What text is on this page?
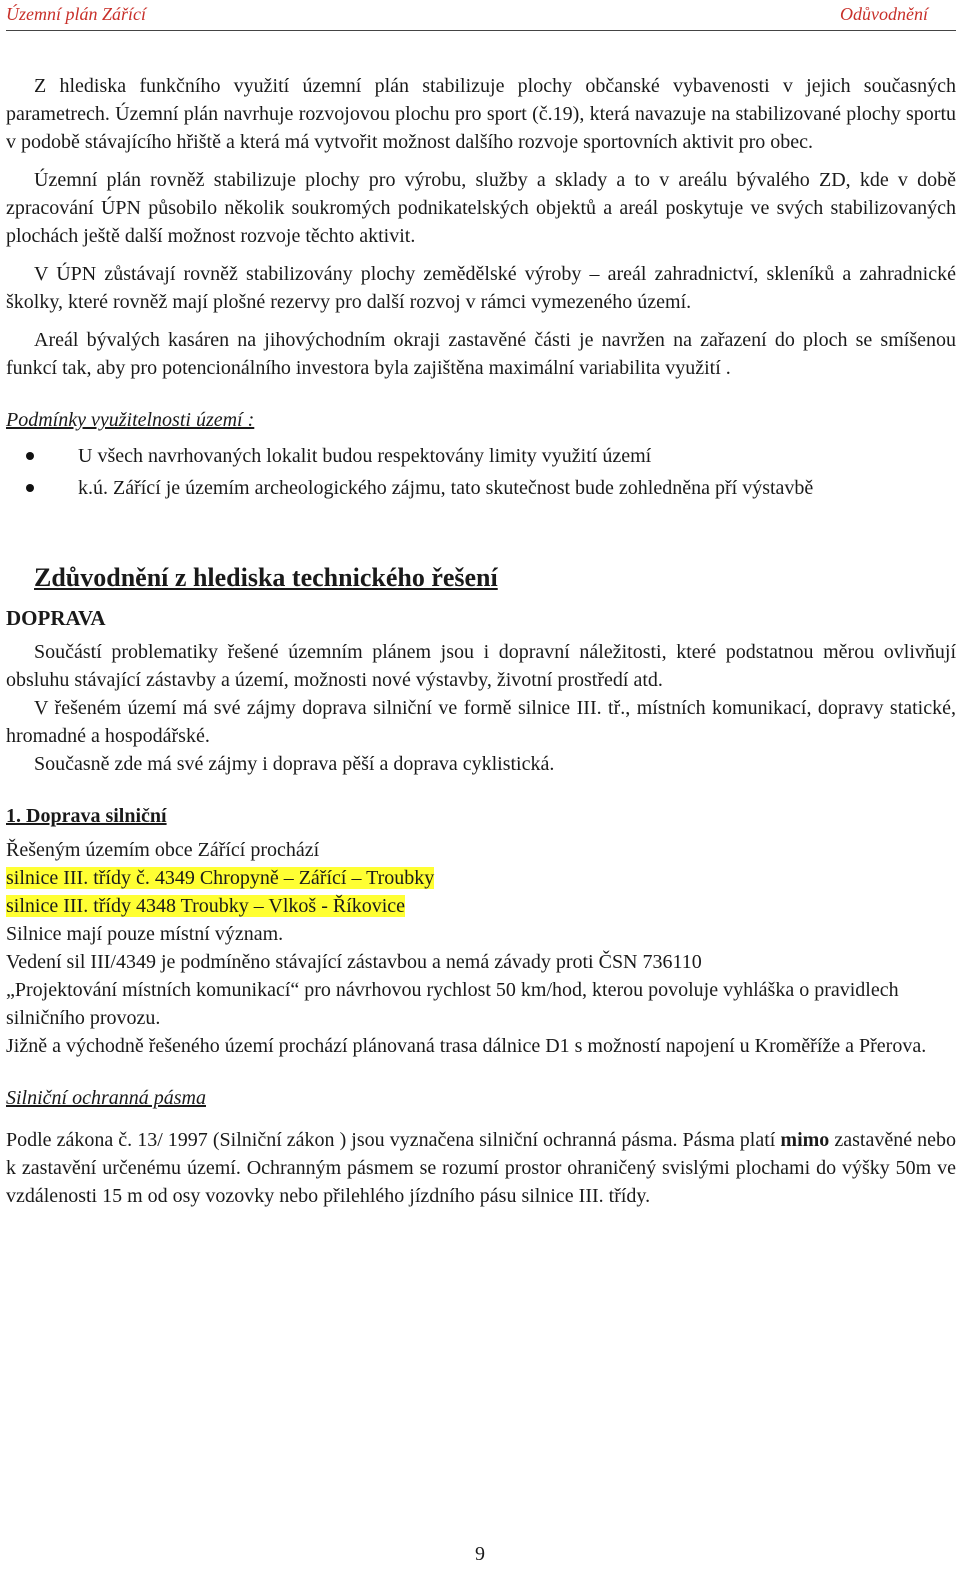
Územní plán Zářící	Odůvodnění

Z hlediska funkčního využití územní plán stabilizuje plochy občanské vybavenosti v jejich současných parametrech. Územní plán navrhuje rozvojovou plochu pro sport (č.19), která navazuje na stabilizované plochy sportu v podobě stávajícího hřiště a která má vytvořit možnost dalšího rozvoje sportovních aktivit pro obec.

Územní plán rovněž stabilizuje plochy pro výrobu, služby a sklady a to v areálu bývalého ZD, kde v době zpracování ÚPN působilo několik soukromých podnikatelských objektů a areál poskytuje ve svých stabilizovaných plochách ještě další možnost rozvoje těchto aktivit.

V ÚPN zůstávají rovněž stabilizovány plochy zemědělské výroby – areál zahradnictví, skleníků a zahradnické školky, které rovněž mají plošné rezervy pro další rozvoj v rámci vymezeného území.

Areál bývalých kasáren na jihovýchodním okraji zastavěné části je navržen na zařazení do ploch se smíšenou funkcí tak, aby pro potencionálního investora byla zajištěna maximální variabilita využití .

Podmínky využitelnosti území :

U všech navrhovaných lokalit budou respektovány limity využití území
k.ú. Zářící je územím archeologického zájmu, tato skutečnost bude zohledněna pří výstavbě

Zdůvodnění z hlediska technického řešení

DOPRAVA

Součástí problematiky řešené územním plánem jsou i dopravní náležitosti, které podstatnou měrou ovlivňují obsluhu stávající zástavby a území, možnosti nové výstavby, životní prostředí atd.

V řešeném území má své zájmy doprava silniční ve formě silnice III. tř., místních komunikací, dopravy statické, hromadné a hospodářské.

Současně zde má své zájmy i doprava pěší a doprava cyklistická.

1. Doprava silniční

Řešeným územím obce Zářící prochází

silnice III. třídy č. 4349 Chropyně – Zářící – Troubky

silnice III. třídy 4348 Troubky – Vlkoš - Říkovice

Silnice mají pouze místní význam.

Vedení sil III/4349 je podmíněno stávající zástavbou a nemá závady proti ČSN 736110

„Projektování místních komunikací“ pro návrhovou rychlost 50 km/hod, kterou povoluje vyhláška o pravidlech silničního provozu.

Jižně a východně řešeného území prochází plánovaná trasa dálnice D1 s možností napojení u Kroměříže a Přerova.

Silniční ochranná pásma

Podle zákona č. 13/ 1997 (Silniční zákon ) jsou vyznačena silniční ochranná pásma. Pásma platí mimo zastavěné nebo k zastavění určenému území. Ochranným pásmem se rozumí prostor ohraničený svislými plochami do výšky 50m ve vzdálenosti 15 m od osy vozovky nebo přilehlého jízdního pásu silnice III. třídy.

9
